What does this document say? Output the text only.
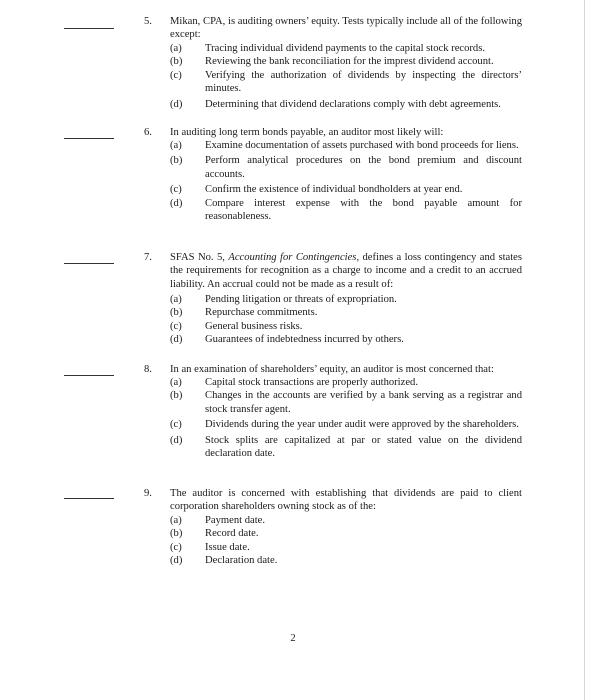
5. Mikan, CPA, is auditing owners’ equity. Tests typically include all of the following except:
(a)	Tracing individual dividend payments to the capital stock records.
(b)	Reviewing the bank reconciliation for the imprest dividend account.
(c)	Verifying the authorization of dividends by inspecting the directors’ minutes.
(d)	Determining that dividend declarations comply with debt agreements.
6. In auditing long term bonds payable, an auditor most likely will:
(a)	Examine documentation of assets purchased with bond proceeds for liens.
(b)	Perform analytical procedures on the bond premium and discount accounts.
(c)	Confirm the existence of individual bondholders at year end.
(d)	Compare interest expense with the bond payable amount for reasonableness.
7. SFAS No. 5, Accounting for Contingencies, defines a loss contingency and states the requirements for recognition as a charge to income and a credit to an accrued liability. An accrual could not be made as a result of:
(a)	Pending litigation or threats of expropriation.
(b)	Repurchase commitments.
(c)	General business risks.
(d)	Guarantees of indebtedness incurred by others.
8. In an examination of shareholders’ equity, an auditor is most concerned that:
(a)	Capital stock transactions are properly authorized.
(b)	Changes in the accounts are verified by a bank serving as a registrar and stock transfer agent.
(c)	Dividends during the year under audit were approved by the shareholders.
(d)	Stock splits are capitalized at par or stated value on the dividend declaration date.
9. The auditor is concerned with establishing that dividends are paid to client corporation shareholders owning stock as of the:
(a)	Payment date.
(b)	Record date.
(c)	Issue date.
(d)	Declaration date.
2
